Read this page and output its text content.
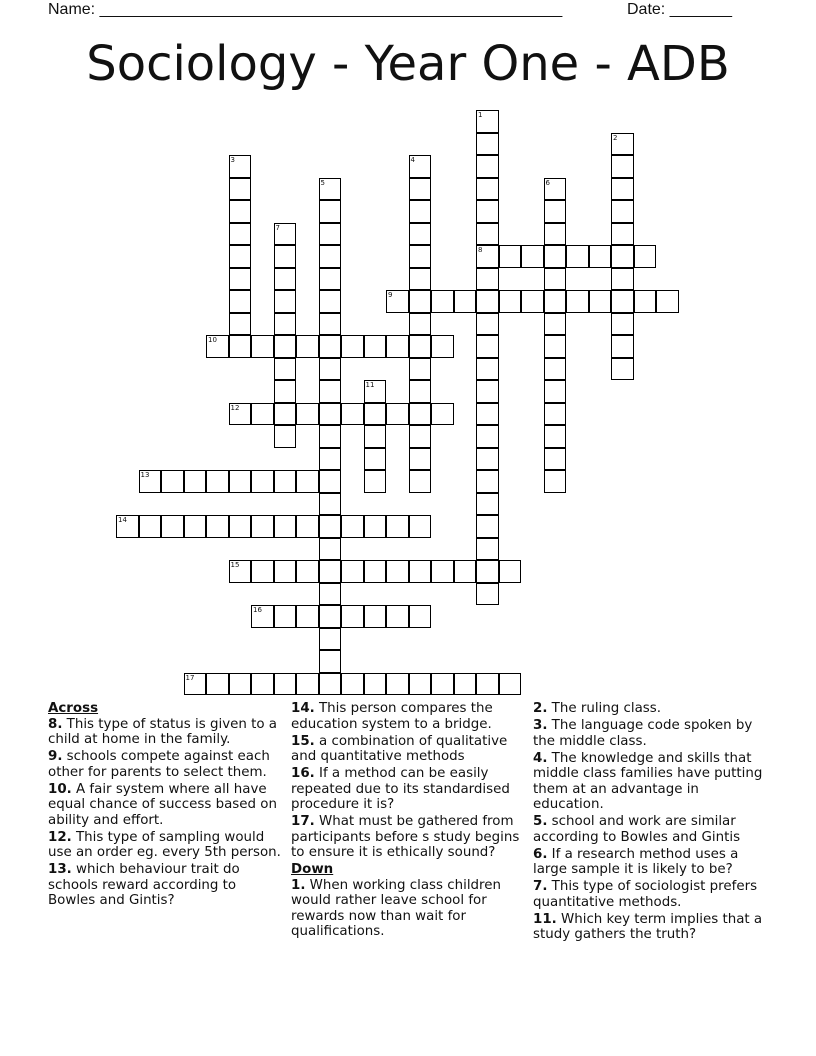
Name: ____________________________________________________	Date: _______
Sociology - Year One - ADB
1
8
2
3	4
5	6
7
9
10
11
12
13
14
15
16
17
Across
8. This type of status is given to a child at home in the family.
9. schools compete against each other for parents to select them.
10. A fair system where all have equal chance of success based on ability and effort.
12. This type of sampling would use an order eg. every 5th person.
13. which behaviour trait do schools reward according to Bowles and Gintis?
14. This person compares the education system to a bridge.
15. a combination of qualitative and quantitative methods
16. If a method can be easily repeated due to its standardised procedure it is?
17. What must be gathered from participants before s study begins to ensure it is ethically sound?
Down
1. When working class children would rather leave school for rewards now than wait for qualifications.
2. The ruling class.
3. The language code spoken by the middle class.
4. The knowledge and skills that middle class families have putting them at an advantage in education.
5. school and work are similar according to Bowles and Gintis
6. If a research method uses a large sample it is likely to be?
7. This type of sociologist prefers quantitative methods.
11. Which key term implies that a study gathers the truth?
